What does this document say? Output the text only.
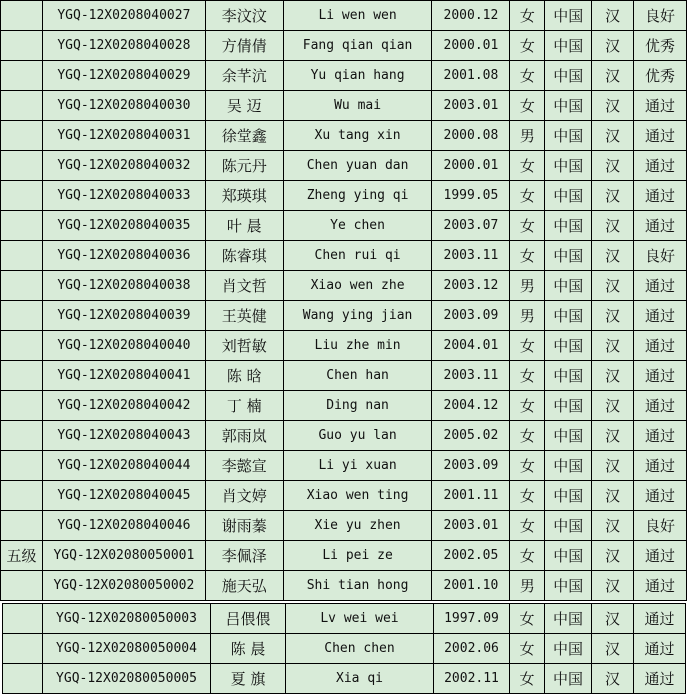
	YGQ-12X0208040027	李汶汶	Li wen wen	2000.12	女	中国	汉	良好
	YGQ-12X0208040028	方倩倩	Fang qian qian	2000.01	女	中国	汉	优秀
	YGQ-12X0208040029	余芊沆	Yu qian hang	2001.08	女	中国	汉	优秀
	YGQ-12X0208040030	吴 迈	Wu mai	2003.01	女	中国	汉	通过
	YGQ-12X0208040031	徐堂鑫	Xu tang xin	2000.08	男	中国	汉	通过
	YGQ-12X0208040032	陈元丹	Chen yuan dan	2000.01	女	中国	汉	通过
	YGQ-12X0208040033	郑瑛琪	Zheng ying qi	1999.05	女	中国	汉	通过
	YGQ-12X0208040035	叶 晨	Ye chen	2003.07	女	中国	汉	通过
	YGQ-12X0208040036	陈睿琪	Chen rui qi	2003.11	女	中国	汉	良好
	YGQ-12X0208040038	肖文哲	Xiao wen zhe	2003.12	男	中国	汉	通过
	YGQ-12X0208040039	王英健	Wang ying jian	2003.09	男	中国	汉	通过
	YGQ-12X0208040040	刘哲敏	Liu zhe min	2004.01	女	中国	汉	通过
	YGQ-12X0208040041	陈 晗	Chen han	2003.11	女	中国	汉	通过
	YGQ-12X0208040042	丁 楠	Ding nan	2004.12	女	中国	汉	通过
	YGQ-12X0208040043	郭雨岚	Guo yu lan	2005.02	女	中国	汉	通过
	YGQ-12X0208040044	李懿宣	Li yi xuan	2003.09	女	中国	汉	通过
	YGQ-12X0208040045	肖文婷	Xiao wen ting	2001.11	女	中国	汉	通过
	YGQ-12X0208040046	谢雨蓁	Xie yu zhen	2003.01	女	中国	汉	良好
五级	YGQ-12X02080050001	李佩泽	Li pei ze	2002.05	女	中国	汉	通过
	YGQ-12X02080050002	施天弘	Shi tian hong	2001.10	男	中国	汉	通过
	YGQ-12X02080050003	吕偎偎	Lv wei wei	1997.09	女	中国	汉	通过
	YGQ-12X02080050004	陈 晨	Chen chen	2002.06	女	中国	汉	通过
	YGQ-12X02080050005	夏 旗	Xia qi	2002.11	女	中国	汉	通过
